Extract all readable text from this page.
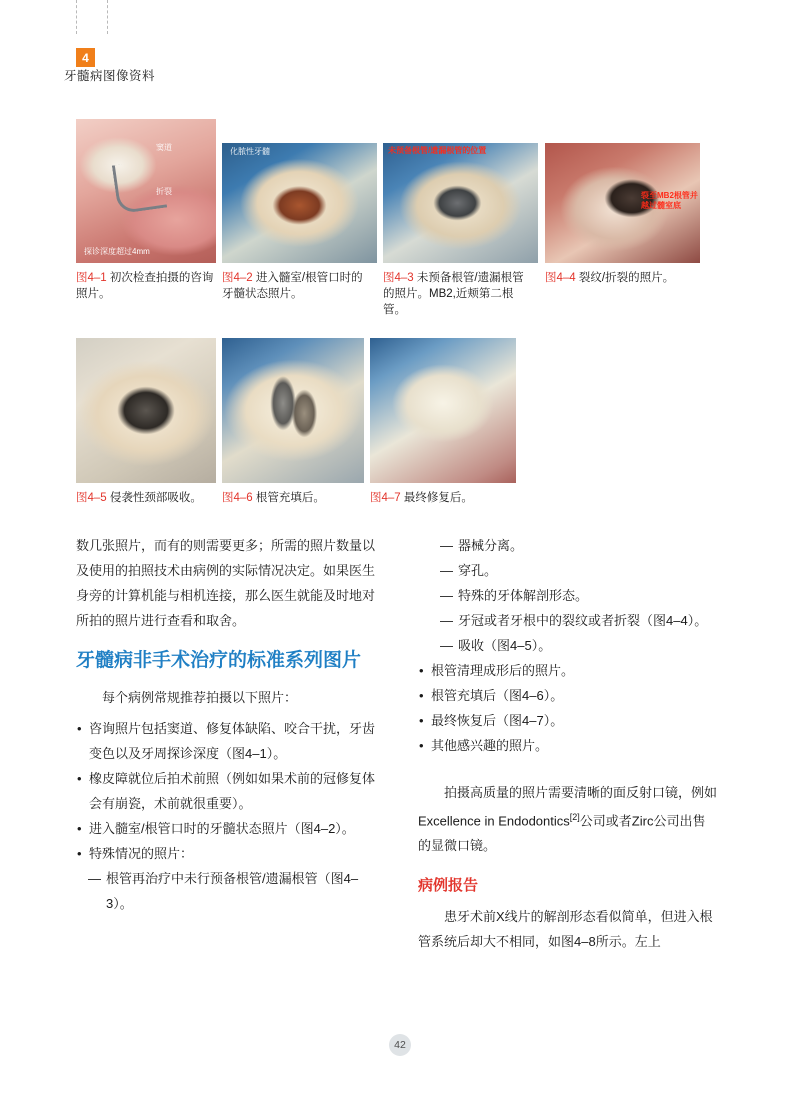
4
牙髓病图像资料
窦道
折裂
探诊深度超过4mm
化脓性牙髓	未预备根管/遗漏根管的位置
裂至MB2根管并越过髓室底
图4–1 初次检查拍摄的咨询照片。
图4–2 进入髓室/根管口时的牙髓状态照片。
图4–3 未预备根管/遗漏根管的照片。MB2,近颊第二根管。
图4–4 裂纹/折裂的照片。
图4–5 侵袭性颈部吸收。	图4–6 根管充填后。	图4–7 最终修复后。

数几张照片，而有的则需要更多；所需的照片数量以及使用的拍照技术由病例的实际情况决定。如果医生身旁的计算机能与相机连接，那么医生就能及时地对所拍的照片进行查看和取舍。

牙髓病非手术治疗的标准系列图片

每个病例常规推荐拍摄以下照片：

• 咨询照片包括窦道、修复体缺陷、咬合干扰，牙齿变色以及牙周探诊深度（图4–1）。
• 橡皮障就位后拍术前照（例如如果术前的冠修复体会有崩瓷，术前就很重要）。
• 进入髓室/根管口时的牙髓状态照片（图4–2）。
• 特殊情况的照片：
— 根管再治疗中未行预备根管/遗漏根管（图4–3）。
— 器械分离。
— 穿孔。
— 特殊的牙体解剖形态。
— 牙冠或者牙根中的裂纹或者折裂（图4–4）。
— 吸收（图4–5）。
• 根管清理成形后的照片。
• 根管充填后（图4–6）。
• 最终恢复后（图4–7）。
• 其他感兴趣的照片。

拍摄高质量的照片需要清晰的面反射口镜，例如Excellence in Endodontics[2]公司或者Zirc公司出售的显微口镜。

病例报告

患牙术前X线片的解剖形态看似简单，但进入根管系统后却大不相同，如图4–8所示。左上

42
